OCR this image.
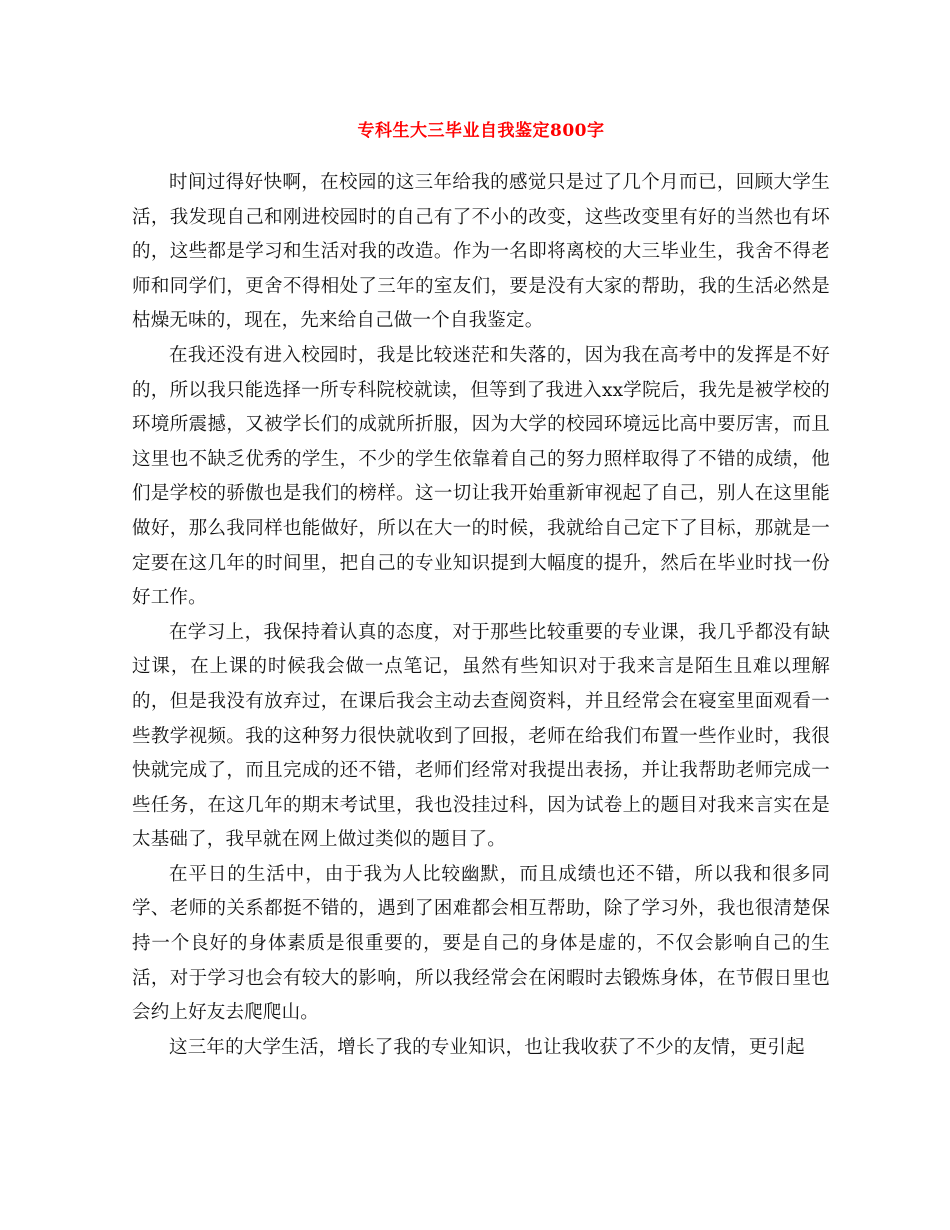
专科生大三毕业自我鉴定800字

时间过得好快啊，在校园的这三年给我的感觉只是过了几个月而已，回顾大学生活，我发现自己和刚进校园时的自己有了不小的改变，这些改变里有好的当然也有坏的，这些都是学习和生活对我的改造。作为一名即将离校的大三毕业生，我舍不得老师和同学们，更舍不得相处了三年的室友们，要是没有大家的帮助，我的生活必然是枯燥无味的，现在，先来给自己做一个自我鉴定。

在我还没有进入校园时，我是比较迷茫和失落的，因为我在高考中的发挥是不好的，所以我只能选择一所专科院校就读，但等到了我进入xx学院后，我先是被学校的环境所震撼，又被学长们的成就所折服，因为大学的校园环境远比高中要厉害，而且这里也不缺乏优秀的学生，不少的学生依靠着自己的努力照样取得了不错的成绩，他们是学校的骄傲也是我们的榜样。这一切让我开始重新审视起了自己，别人在这里能做好，那么我同样也能做好，所以在大一的时候，我就给自己定下了目标，那就是一定要在这几年的时间里，把自己的专业知识提到大幅度的提升，然后在毕业时找一份好工作。

在学习上，我保持着认真的态度，对于那些比较重要的专业课，我几乎都没有缺过课，在上课的时候我会做一点笔记，虽然有些知识对于我来言是陌生且难以理解的，但是我没有放弃过，在课后我会主动去查阅资料，并且经常会在寝室里面观看一些教学视频。我的这种努力很快就收到了回报，老师在给我们布置一些作业时，我很快就完成了，而且完成的还不错，老师们经常对我提出表扬，并让我帮助老师完成一些任务，在这几年的期末考试里，我也没挂过科，因为试卷上的题目对我来言实在是太基础了，我早就在网上做过类似的题目了。

在平日的生活中，由于我为人比较幽默，而且成绩也还不错，所以我和很多同学、老师的关系都挺不错的，遇到了困难都会相互帮助，除了学习外，我也很清楚保持一个良好的身体素质是很重要的，要是自己的身体是虚的，不仅会影响自己的生活，对于学习也会有较大的影响，所以我经常会在闲暇时去锻炼身体，在节假日里也会约上好友去爬爬山。

这三年的大学生活，增长了我的专业知识，也让我收获了不少的友情，更引起
